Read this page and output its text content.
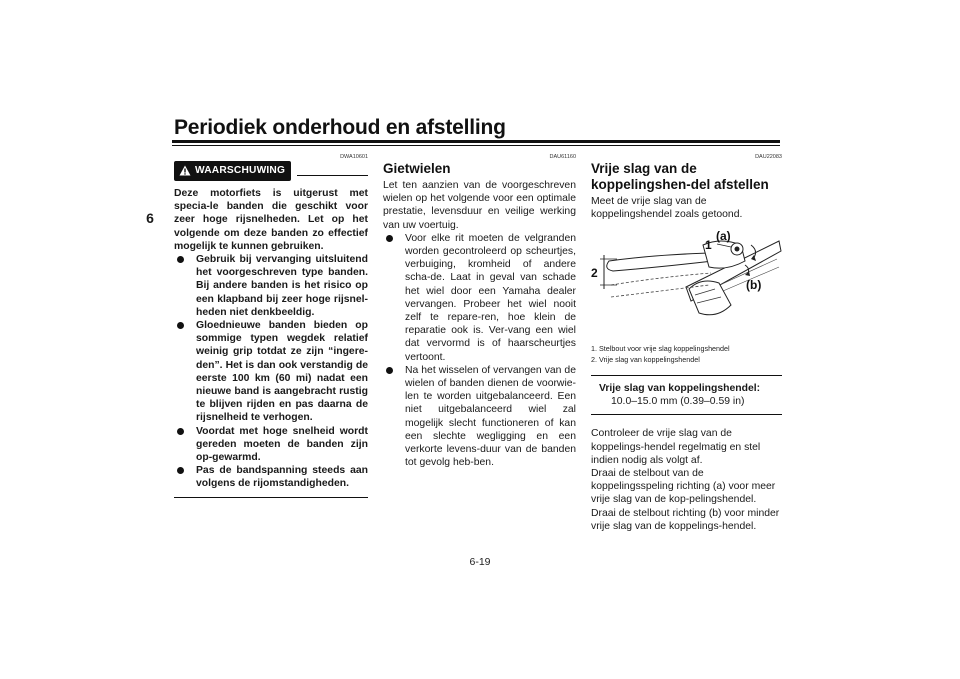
Periodiek onderhoud en afstelling
6
DWA10601
WAARSCHUWING
Deze motorfiets is uitgerust met specia-le banden die geschikt voor zeer hoge rijsnelheden. Let op het volgende om deze banden zo effectief mogelijk te kunnen gebruiken.
Gebruik bij vervanging uitsluitend het voorgeschreven type banden. Bij andere banden is het risico op een klapband bij zeer hoge rijsnel-heden niet denkbeeldig.
Gloednieuwe banden bieden op sommige typen wegdek relatief weinig grip totdat ze zijn “ingere-den”. Het is dan ook verstandig de eerste 100 km (60 mi) nadat een nieuwe band is aangebracht rustig te blijven rijden en pas daarna de rijsnelheid te verhogen.
Voordat met hoge snelheid wordt gereden moeten de banden zijn op-gewarmd.
Pas de bandspanning steeds aan volgens de rijomstandigheden.
DAU61160
Gietwielen
Let ten aanzien van de voorgeschreven wielen op het volgende voor een optimale prestatie, levensduur en veilige werking van uw voertuig.
Voor elke rit moeten de velgranden worden gecontroleerd op scheurtjes, verbuiging, kromheid of andere scha-de. Laat in geval van schade het wiel door een Yamaha dealer vervangen. Probeer het wiel nooit zelf te repare-ren, hoe klein de reparatie ook is. Ver-vang een wiel dat vervormd is of haarscheurtjes vertoont.
Na het wisselen of vervangen van de wielen of banden dienen de voorwie-len te worden uitgebalanceerd. Een niet uitgebalanceerd wiel zal mogelijk slecht functioneren of kan een slechte wegligging en een verkorte levens-duur van de banden tot gevolg heb-ben.
DAU22083
Vrije slag van de koppelingshen-del afstellen
Meet de vrije slag van de koppelingshendel zoals getoond.
1
2
(a)
(b)
1. Stelbout voor vrije slag koppelingshendel
2. Vrije slag van koppelingshendel
Vrije slag van koppelingshendel:
10.0–15.0 mm (0.39–0.59 in)
Controleer de vrije slag van de koppelings-hendel regelmatig en stel indien nodig als volgt af.
Draai de stelbout van de koppelingsspeling richting (a) voor meer vrije slag van de kop-pelingshendel. Draai de stelbout richting (b) voor minder vrije slag van de koppelings-hendel.
6-19
